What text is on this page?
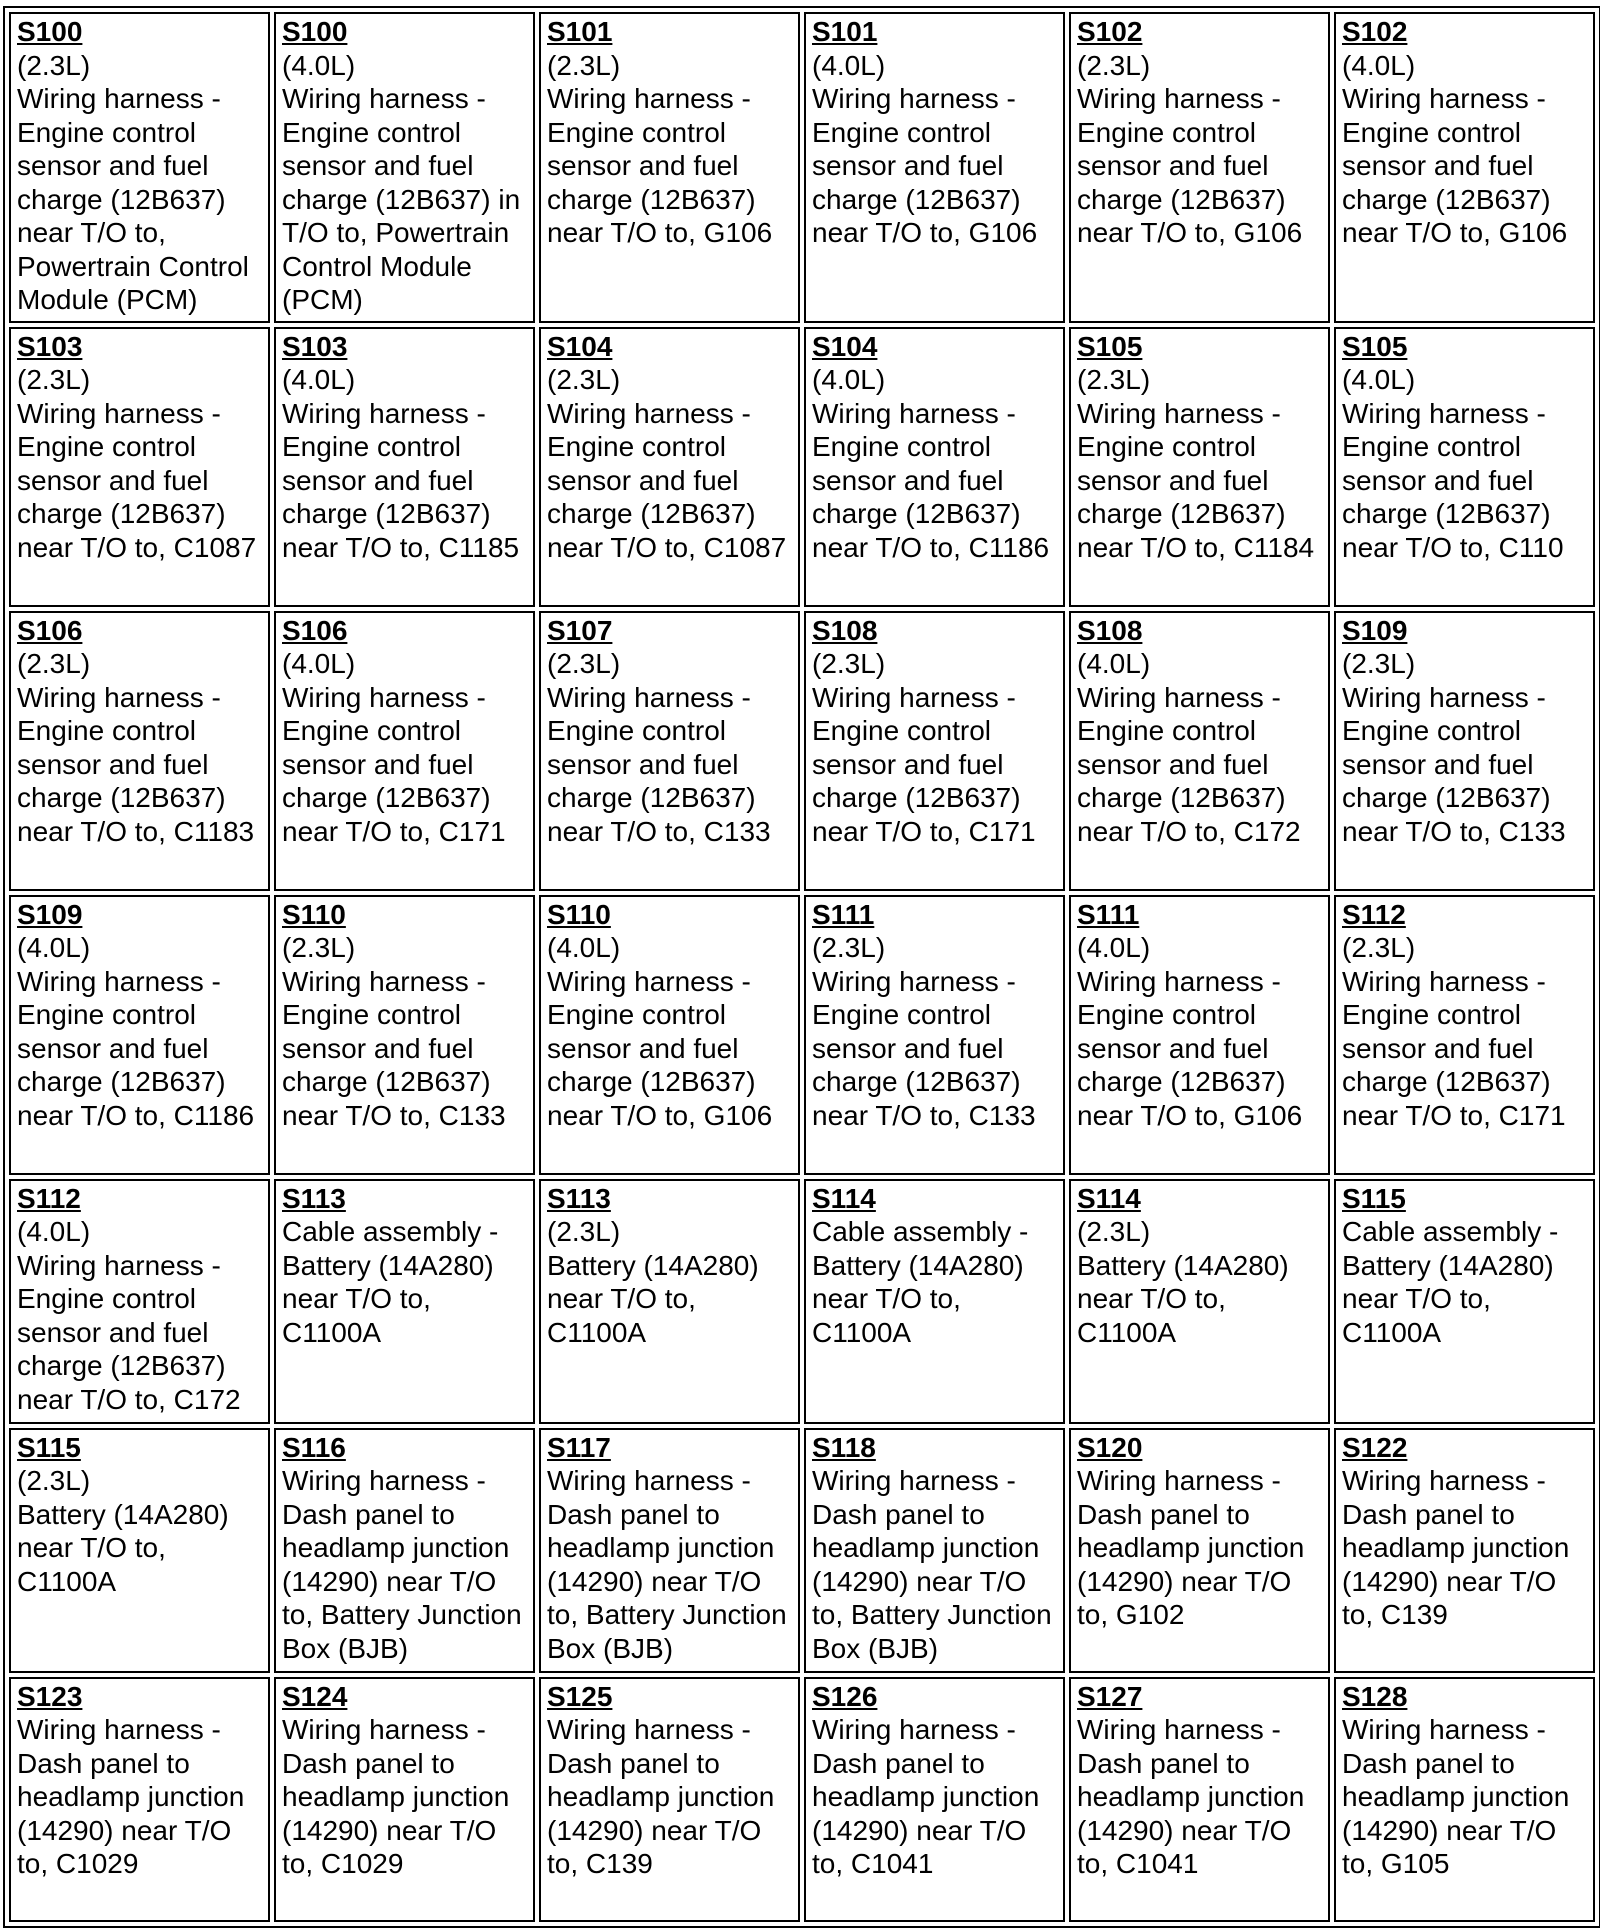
S100
(2.3L)
Wiring harness - Engine control sensor and fuel charge (12B637) near T/O to, Powertrain Control Module (PCM)	S100
(4.0L)
Wiring harness - Engine control sensor and fuel charge (12B637) in T/O to, Powertrain Control Module (PCM)	S101
(2.3L)
Wiring harness - Engine control sensor and fuel charge (12B637) near T/O to, G106	S101
(4.0L)
Wiring harness - Engine control sensor and fuel charge (12B637) near T/O to, G106	S102
(2.3L)
Wiring harness - Engine control sensor and fuel charge (12B637) near T/O to, G106	S102
(4.0L)
Wiring harness - Engine control sensor and fuel charge (12B637) near T/O to, G106

S103
(2.3L)
Wiring harness - Engine control sensor and fuel charge (12B637) near T/O to, C1087	S103
(4.0L)
Wiring harness - Engine control sensor and fuel charge (12B637) near T/O to, C1185	S104
(2.3L)
Wiring harness - Engine control sensor and fuel charge (12B637) near T/O to, C1087	S104
(4.0L)
Wiring harness - Engine control sensor and fuel charge (12B637) near T/O to, C1186	S105
(2.3L)
Wiring harness - Engine control sensor and fuel charge (12B637) near T/O to, C1184	S105
(4.0L)
Wiring harness - Engine control sensor and fuel charge (12B637) near T/O to, C110

S106
(2.3L)
Wiring harness - Engine control sensor and fuel charge (12B637) near T/O to, C1183	S106
(4.0L)
Wiring harness - Engine control sensor and fuel charge (12B637) near T/O to, C171	S107
(2.3L)
Wiring harness - Engine control sensor and fuel charge (12B637) near T/O to, C133	S108
(2.3L)
Wiring harness - Engine control sensor and fuel charge (12B637) near T/O to, C171	S108
(4.0L)
Wiring harness - Engine control sensor and fuel charge (12B637) near T/O to, C172	S109
(2.3L)
Wiring harness - Engine control sensor and fuel charge (12B637) near T/O to, C133

S109
(4.0L)
Wiring harness - Engine control sensor and fuel charge (12B637) near T/O to, C1186	S110
(2.3L)
Wiring harness - Engine control sensor and fuel charge (12B637) near T/O to, C133	S110
(4.0L)
Wiring harness - Engine control sensor and fuel charge (12B637) near T/O to, G106	S111
(2.3L)
Wiring harness - Engine control sensor and fuel charge (12B637) near T/O to, C133	S111
(4.0L)
Wiring harness - Engine control sensor and fuel charge (12B637) near T/O to, G106	S112
(2.3L)
Wiring harness - Engine control sensor and fuel charge (12B637) near T/O to, C171

S112
(4.0L)
Wiring harness - Engine control sensor and fuel charge (12B637) near T/O to, C172	S113
Cable assembly - Battery (14A280) near T/O to, C1100A	S113
(2.3L)
Battery (14A280) near T/O to, C1100A	S114
Cable assembly - Battery (14A280) near T/O to, C1100A	S114
(2.3L)
Battery (14A280) near T/O to, C1100A	S115
Cable assembly - Battery (14A280) near T/O to, C1100A

S115
(2.3L)
Battery (14A280) near T/O to, C1100A	S116
Wiring harness - Dash panel to headlamp junction (14290) near T/O to, Battery Junction Box (BJB)	S117
Wiring harness - Dash panel to headlamp junction (14290) near T/O to, Battery Junction Box (BJB)	S118
Wiring harness - Dash panel to headlamp junction (14290) near T/O to, Battery Junction Box (BJB)	S120
Wiring harness - Dash panel to headlamp junction (14290) near T/O to, G102	S122
Wiring harness - Dash panel to headlamp junction (14290) near T/O to, C139

S123
Wiring harness - Dash panel to headlamp junction (14290) near T/O to, C1029	S124
Wiring harness - Dash panel to headlamp junction (14290) near T/O to, C1029	S125
Wiring harness - Dash panel to headlamp junction (14290) near T/O to, C139	S126
Wiring harness - Dash panel to headlamp junction (14290) near T/O to, C1041	S127
Wiring harness - Dash panel to headlamp junction (14290) near T/O to, C1041	S128
Wiring harness - Dash panel to headlamp junction (14290) near T/O to, G105
